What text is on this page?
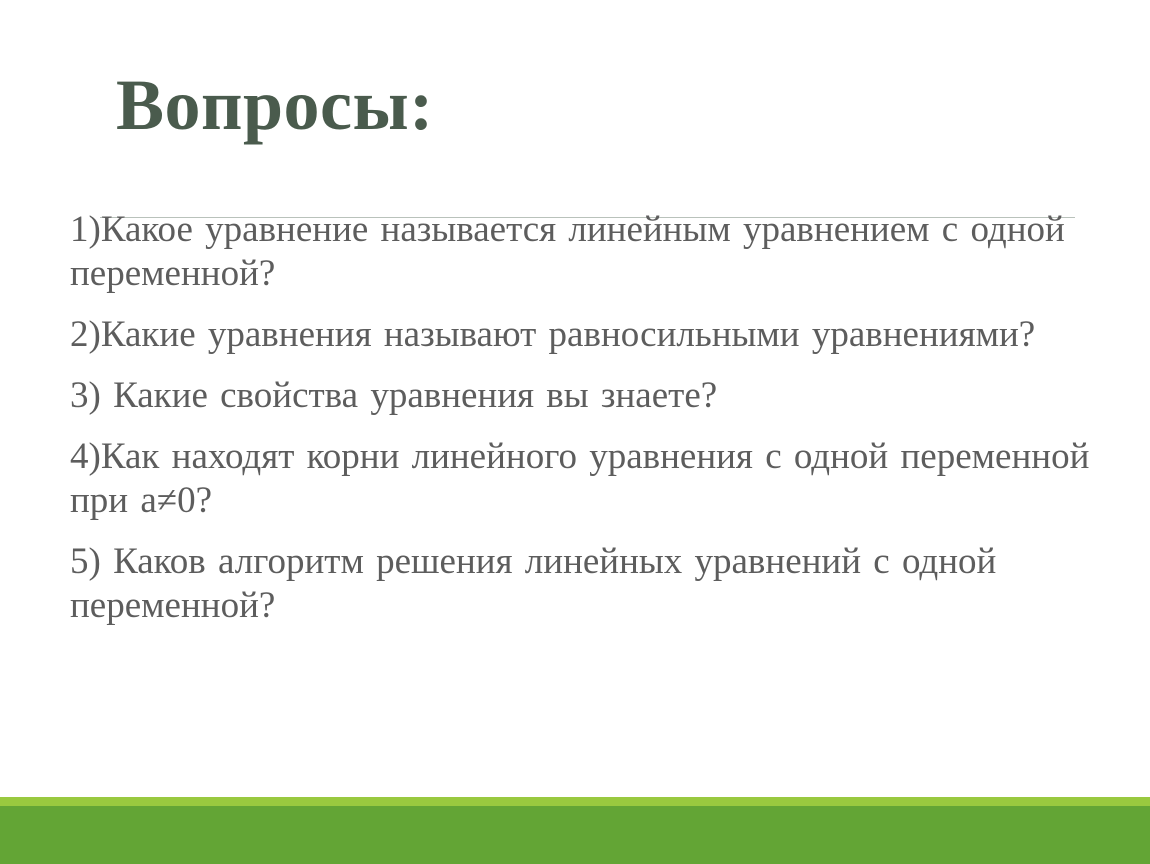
Вопросы:
1)Какое уравнение называется линейным уравнением с одной переменной?
2)Какие уравнения называют равносильными уравнениями?
3) Какие свойства уравнения вы знаете?
4)Как находят корни линейного уравнения с одной переменной при а≠0?
5) Каков алгоритм решения линейных уравнений с одной переменной?
